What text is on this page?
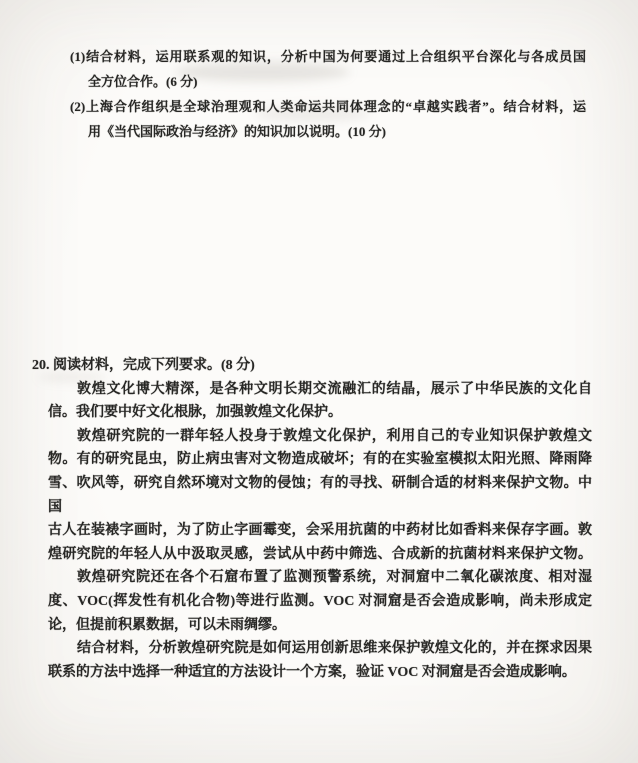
(1)结合材料，运用联系观的知识，分析中国为何要通过上合组织平台深化与各成员国
全方位合作。(6 分)
(2)上海合作组织是全球治理观和人类命运共同体理念的“卓越实践者”。结合材料，运
用《当代国际政治与经济》的知识加以说明。(10 分)
20. 阅读材料，完成下列要求。(8 分)
敦煌文化博大精深，是各种文明长期交流融汇的结晶，展示了中华民族的文化自
信。我们要中好文化根脉，加强敦煌文化保护。
敦煌研究院的一群年轻人投身于敦煌文化保护，利用自己的专业知识保护敦煌文
物。有的研究昆虫，防止病虫害对文物造成破坏；有的在实验室模拟太阳光照、降雨降
雪、吹风等，研究自然环境对文物的侵蚀；有的寻找、研制合适的材料来保护文物。中国
古人在装裱字画时，为了防止字画霉变，会采用抗菌的中药材比如香料来保存字画。敦
煌研究院的年轻人从中汲取灵感，尝试从中药中筛选、合成新的抗菌材料来保护文物。
敦煌研究院还在各个石窟布置了监测预警系统，对洞窟中二氧化碳浓度、相对湿
度、VOC(挥发性有机化合物)等进行监测。VOC 对洞窟是否会造成影响，尚未形成定
论，但提前积累数据，可以未雨绸缪。
结合材料，分析敦煌研究院是如何运用创新思维来保护敦煌文化的，并在探求因果
联系的方法中选择一种适宜的方法设计一个方案，验证 VOC 对洞窟是否会造成影响。
